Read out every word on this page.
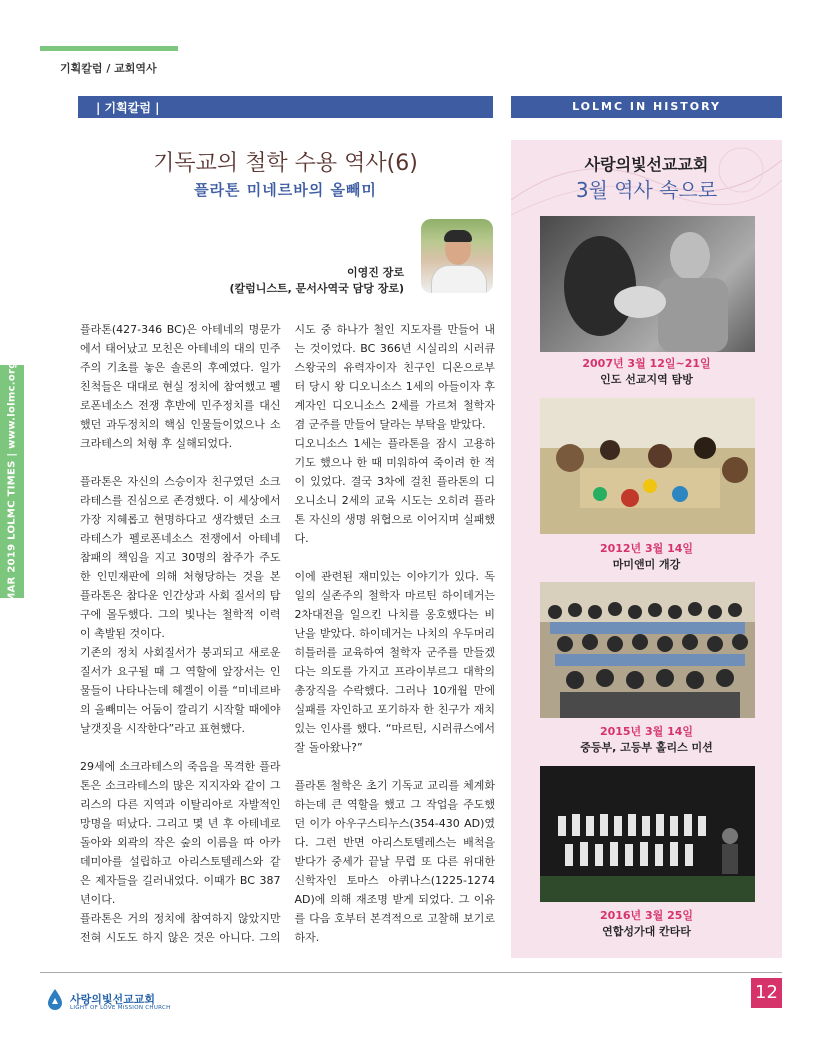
기획칼럼 / 교회역사
MAR 2019 LOLMC TIMES | www.lolmc.org
| 기획칼럼 |
기독교의 철학 수용 역사(6)
플라톤 미네르바의 올빼미
이영진 장로
(칼럼니스트, 문서사역국 담당 장로)

플라톤(427-346 BC)은 아테네의 명문가에서 태어났고 모친은 아테네의 대의 민주주의 기초를 놓은 솔론의 후예였다. 일가친척들은 대대로 현실 정치에 참여했고 펠로폰네소스 전쟁 후반에 민주정치를 대신했던 과두정치의 핵심 인물들이었으나 소크라테스의 처형 후 실해되었다.

플라톤은 자신의 스승이자 친구였던 소크라테스를 진심으로 존경했다. 이 세상에서 가장 지혜롭고 현명하다고 생각했던 소크라테스가 펠로폰네소스 전쟁에서 아테네 참패의 책임을 지고 30명의 참주가 주도한 인민재판에 의해 처형당하는 것을 본 플라톤은 참다운 인간상과 사회 질서의 탐구에 몰두했다. 그의 빛나는 철학적 이력이 촉발된 것이다.

기존의 정치 사회질서가 붕괴되고 새로운 질서가 요구될 때 그 역할에 앞장서는 인물들이 나타나는데 헤겔이 이를 “미네르바의 올빼미는 어둠이 깔리기 시작할 때에야 날갯짓을 시작한다”라고 표현했다.

29세에 소크라테스의 죽음을 목격한 플라톤은 소크라테스의 많은 지지자와 같이 그리스의 다른 지역과 이탈리아로 자발적인 망명을 떠났다. 그리고 몇 년 후 아테네로 돌아와 외곽의 작은 숲의 이름을 따 아카데미아를 설립하고 아리스토텔레스와 같은 제자들을 길러내었다. 이때가 BC 387년이다.

플라톤은 거의 정치에 참여하지 않았지만 전혀 시도도 하지 않은 것은 아니다. 그의 시도 중 하나가 철인 지도자를 만들어 내는 것이었다. BC 366년 시실리의 시러큐스왕국의 유력자이자 친구인 디온으로부터 당시 왕 디오니소스 1세의 아들이자 후계자인 디오니소스 2세를 가르쳐 철학자 겸 군주를 만들어 달라는 부탁을 받았다.

디오니소스 1세는 플라톤을 잠시 고용하기도 했으나 한 때 미워하여 죽이려 한 적이 있었다. 결국 3차에 걸친 플라톤의 디오니소니 2세의 교육 시도는 오히려 플라톤 자신의 생명 위협으로 이어지며 실패했다.

이에 관련된 재미있는 이야기가 있다. 독일의 실존주의 철학자 마르틴 하이데거는 2차대전을 일으킨 나치를 옹호했다는 비난을 받았다. 하이데거는 나치의 우두머리 히틀러를 교육하여 철학자 군주를 만들겠다는 의도를 가지고 프라이부르그 대학의 총장직을 수락했다. 그러나 10개월 만에 실패를 자인하고 포기하자 한 친구가 재치 있는 인사를 했다. “마르틴, 시러큐스에서 잘 돌아왔나?”

플라톤 철학은 초기 기독교 교리를 체계화하는데 큰 역할을 했고 그 작업을 주도했던 이가 아우구스티누스(354-430 AD)였다. 그런 반면 아리스토텔레스는 배척을 받다가 중세가 끝날 무렵 또 다른 위대한 신학자인 토마스 아퀴나스(1225-1274 AD)에 의해 재조명 받게 되었다. 그 이유를 다음 호부터 본격적으로 고찰해 보기로 하자.

LOLMC IN HISTORY
사랑의빛선교교회
3월 역사 속으로
2007년 3월 12일~21일
인도 선교지역 탐방
2012년 3월 14일
마미앤미 개강
2015년 3월 14일
중등부, 고등부 홀리스 미션
2016년 3월 25일
연합성가대 칸타타
사랑의빛선교교회
LIGHT OF LOVE MISSION CHURCH
12
